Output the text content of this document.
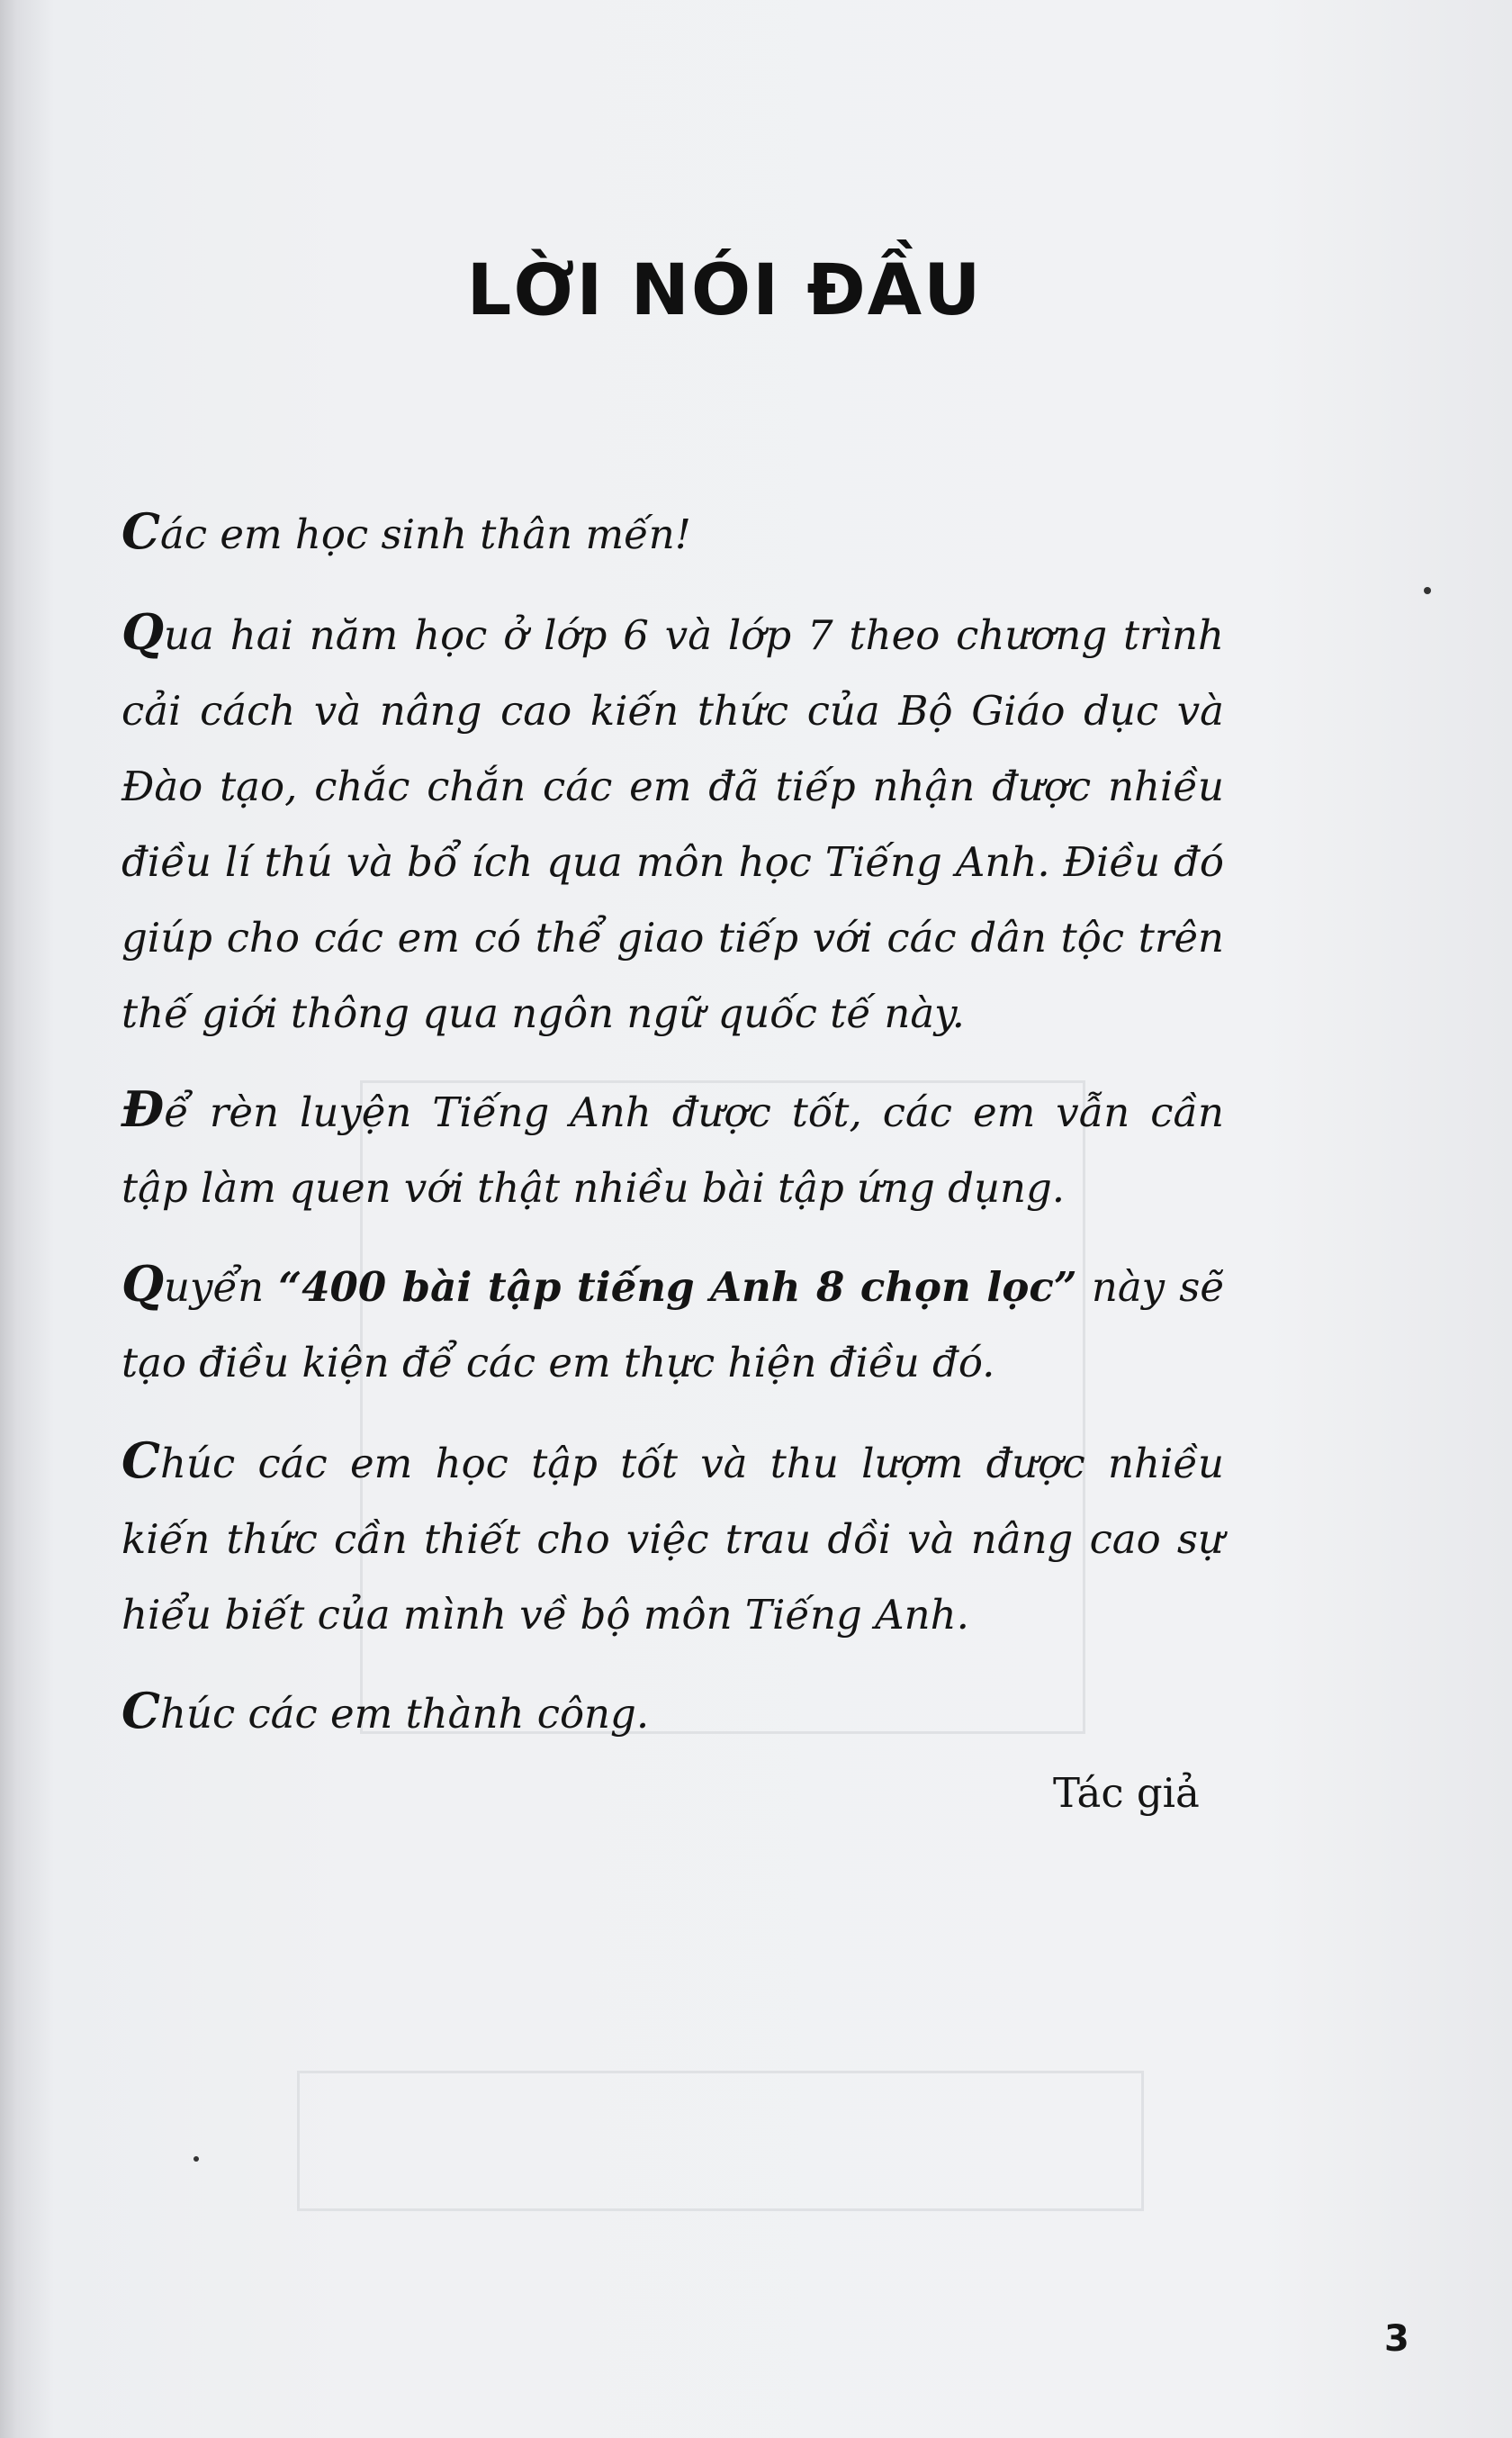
LỜI NÓI ĐẦU
Các em học sinh thân mến!
Qua hai năm học ở lớp 6 và lớp 7 theo chương trình cải cách và nâng cao kiến thức của Bộ Giáo dục và Đào tạo, chắc chắn các em đã tiếp nhận được nhiều điều lí thú và bổ ích qua môn học Tiếng Anh. Điều đó giúp cho các em có thể giao tiếp với các dân tộc trên thế giới thông qua ngôn ngữ quốc tế này.
Để rèn luyện Tiếng Anh được tốt, các em vẫn cần tập làm quen với thật nhiều bài tập ứng dụng.
Quyển “400 bài tập tiếng Anh 8 chọn lọc” này sẽ tạo điều kiện để các em thực hiện điều đó.
Chúc các em học tập tốt và thu lượm được nhiều kiến thức cần thiết cho việc trau dồi và nâng cao sự hiểu biết của mình về bộ môn Tiếng Anh.
Chúc các em thành công.
Tác giả
3
